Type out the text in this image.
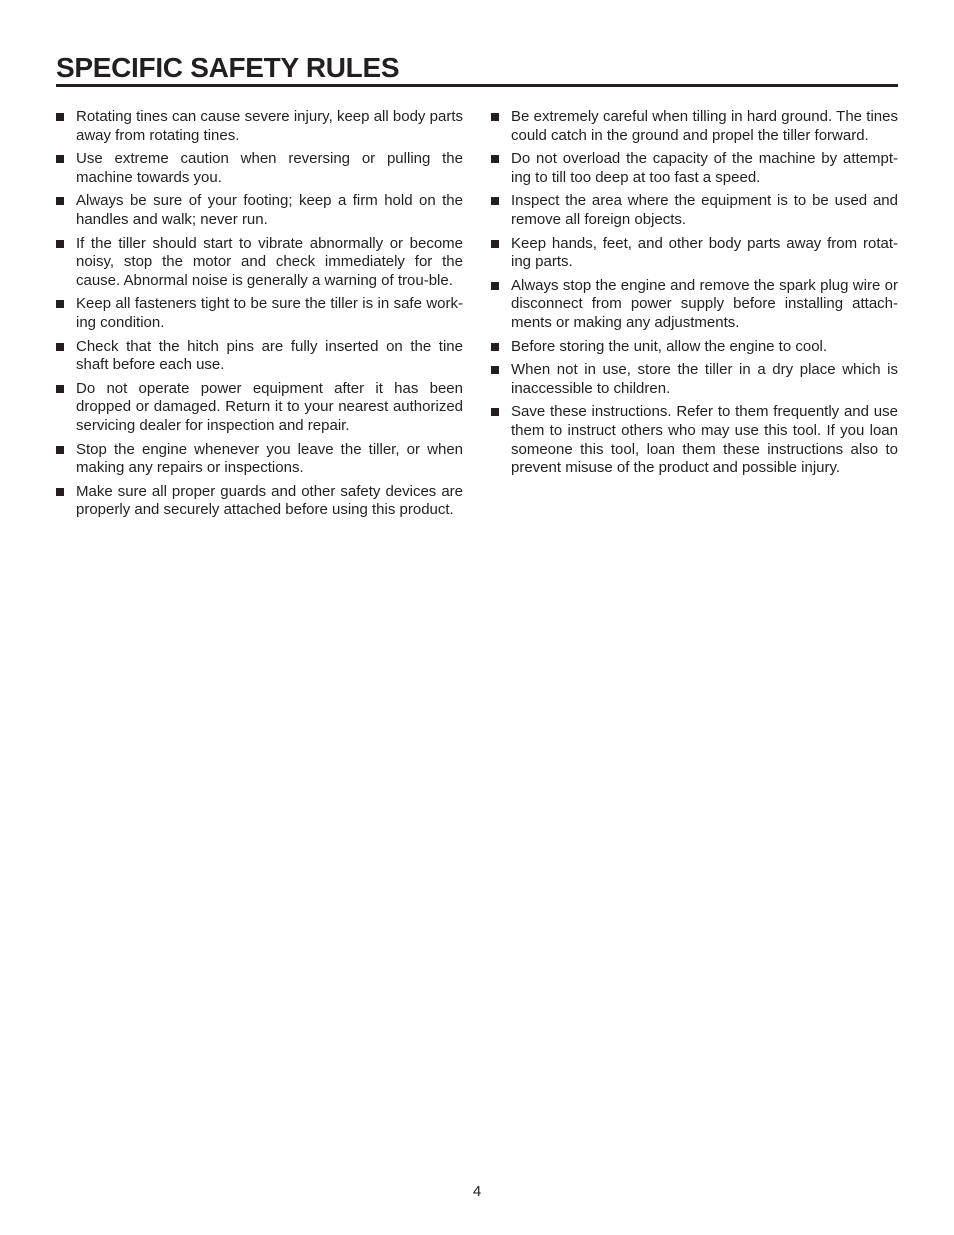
SPECIFIC SAFETY RULES
Rotating tines can cause severe injury, keep all body parts away from rotating tines.
Use extreme caution when reversing or pulling the machine towards you.
Always be sure of your footing; keep a firm hold on the handles and walk; never run.
If the tiller should start to vibrate abnormally or become noisy, stop the motor and check immediately for the cause. Abnormal noise is generally a warning of trou-ble.
Keep all fasteners tight to be sure the tiller is in safe work-ing condition.
Check that the hitch pins are fully inserted on the tine shaft before each use.
Do not operate power equipment after it has been dropped or damaged. Return it to your nearest authorized servicing dealer for inspection and repair.
Stop the engine whenever you leave the tiller, or when making any repairs or inspections.
Make sure all proper guards and other safety devices are properly and securely attached before using this product.
Be extremely careful when tilling in hard ground. The tines could catch in the ground and propel the tiller forward.
Do not overload the capacity of the machine by attempt-ing to till too deep at too fast a speed.
Inspect the area where the equipment is to be used and remove all foreign objects.
Keep hands, feet, and other body parts away from rotat-ing parts.
Always stop the engine and remove the spark plug wire or disconnect from power supply before installing attach-ments or making any adjustments.
Before storing the unit, allow the engine to cool.
When not in use, store the tiller in a dry place which is inaccessible to children.
Save these instructions. Refer to them frequently and use them to instruct others who may use this tool. If you loan someone this tool, loan them these instructions also to prevent misuse of the product and possible injury.
4
